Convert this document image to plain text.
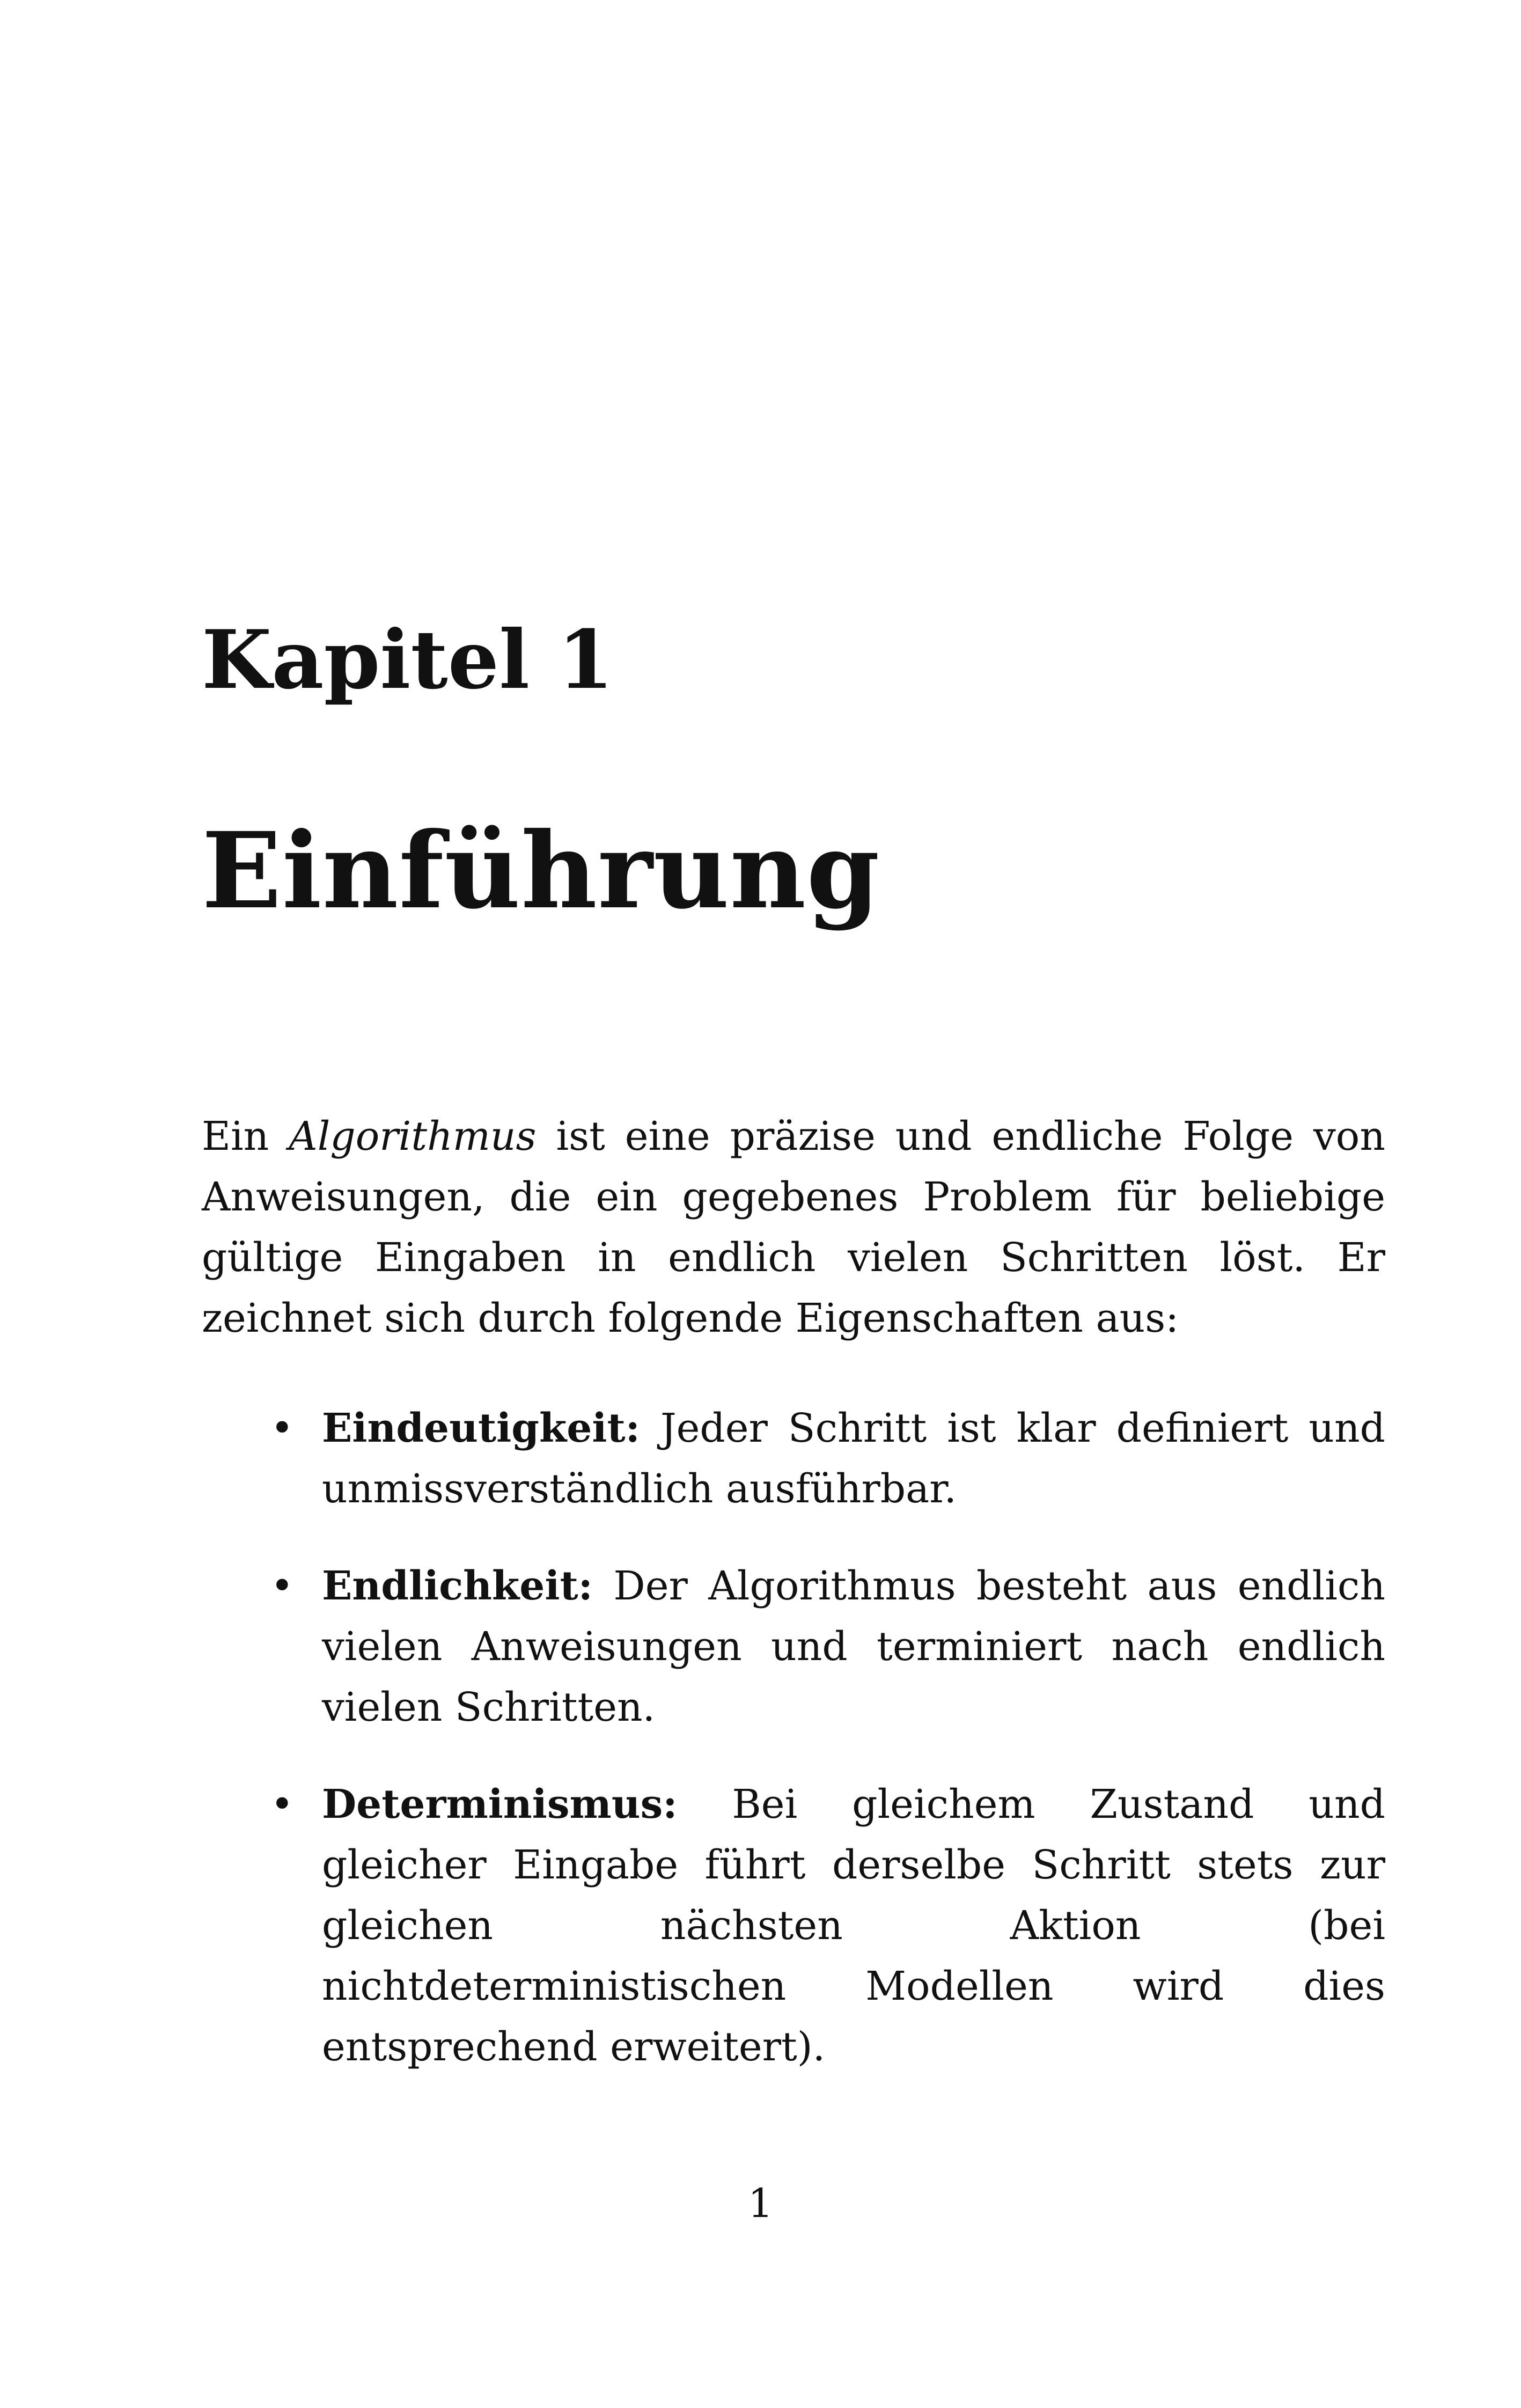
Kapitel 1
Einführung

Ein Algorithmus ist eine präzise und endliche Folge von Anweisungen, die ein gegebenes Problem für beliebige gültige Eingaben in endlich vielen Schritten löst. Er zeichnet sich durch folgende Eigenschaften aus:

• Eindeutigkeit: Jeder Schritt ist klar definiert und unmissverständlich ausführbar.
• Endlichkeit: Der Algorithmus besteht aus endlich vielen Anweisungen und terminiert nach endlich vielen Schritten.
• Determinismus: Bei gleichem Zustand und gleicher Eingabe führt derselbe Schritt stets zur gleichen nächsten Aktion (bei nichtdeterministischen Modellen wird dies entsprechend erweitert).
1
